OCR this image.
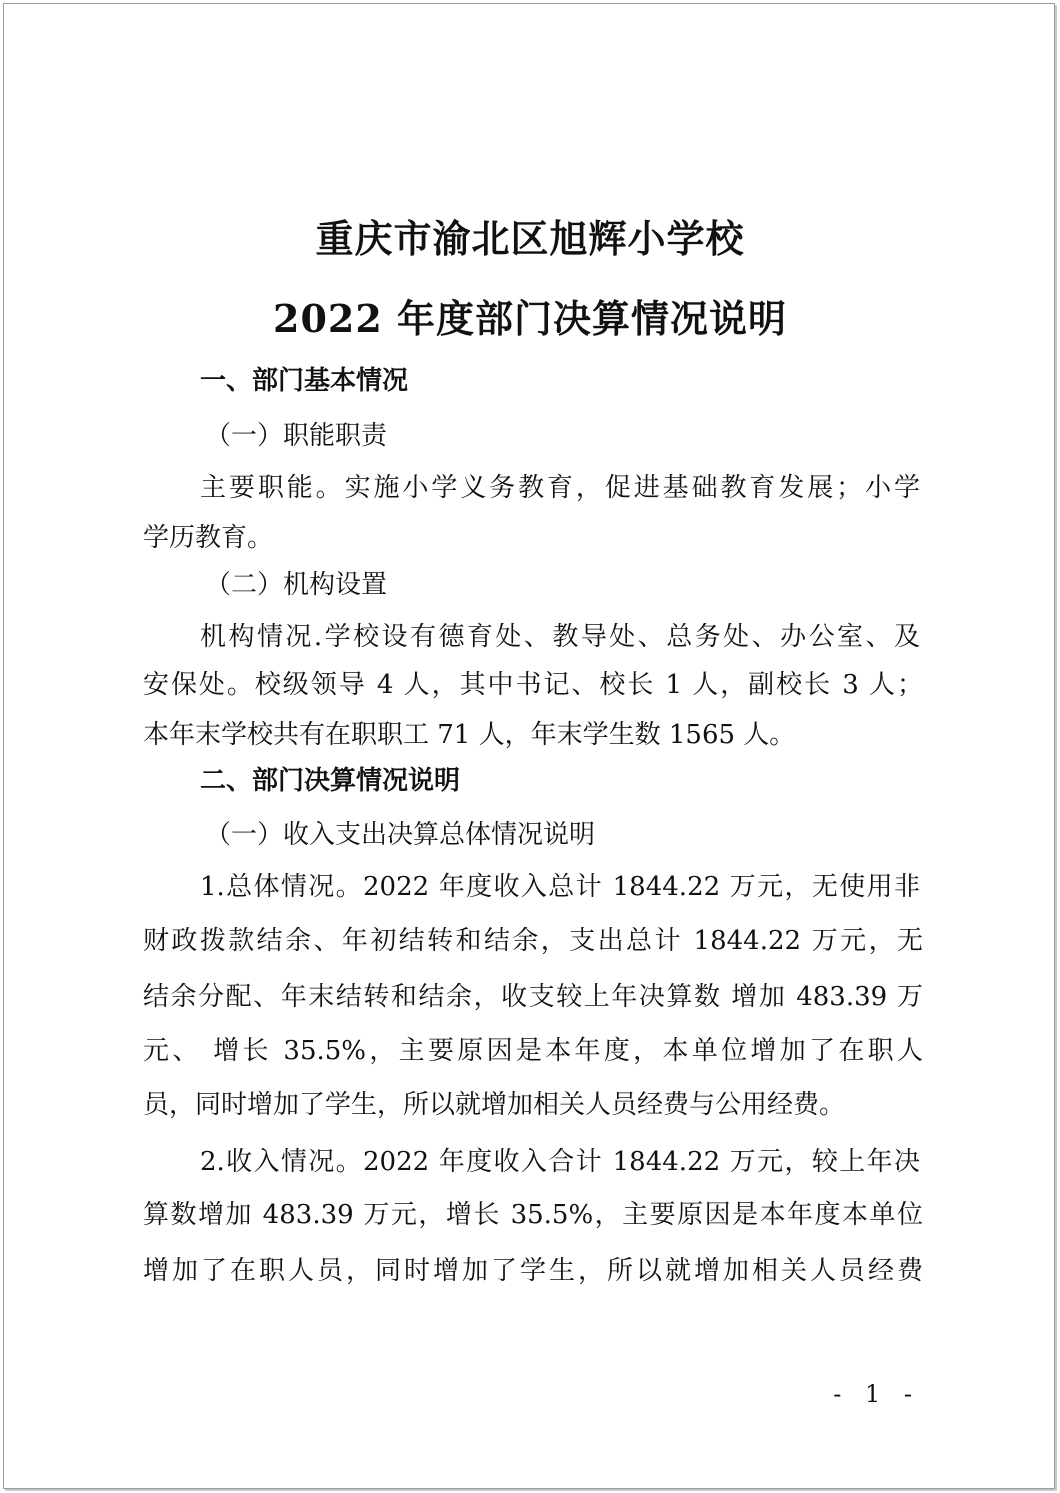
重庆市渝北区旭辉小学校
2022 年度部门决算情况说明

一、部门基本情况

（一）职能职责

主要职能。实施小学义务教育，促进基础教育发展；小学

学历教育。

（二）机构设置

机构情况.学校设有德育处、教导处、总务处、办公室、及

安保处。校级领导 4 人，其中书记、校长 1 人，副校长 3 人；

本年末学校共有在职职工 71 人，年末学生数 1565 人。

二、部门决算情况说明

（一）收入支出决算总体情况说明

1.总体情况。2022 年度收入总计 1844.22 万元，无使用非

财政拨款结余、年初结转和结余，支出总计 1844.22 万元，无

结余分配、年末结转和结余，收支较上年决算数 增加 483.39 万

元、 增长 35.5%，主要原因是本年度，本单位增加了在职人

员，同时增加了学生，所以就增加相关人员经费与公用经费。

2.收入情况。2022 年度收入合计 1844.22 万元，较上年决

算数增加 483.39 万元，增长 35.5%，主要原因是本年度本单位

增加了在职人员，同时增加了学生，所以就增加相关人员经费

- 1 -
